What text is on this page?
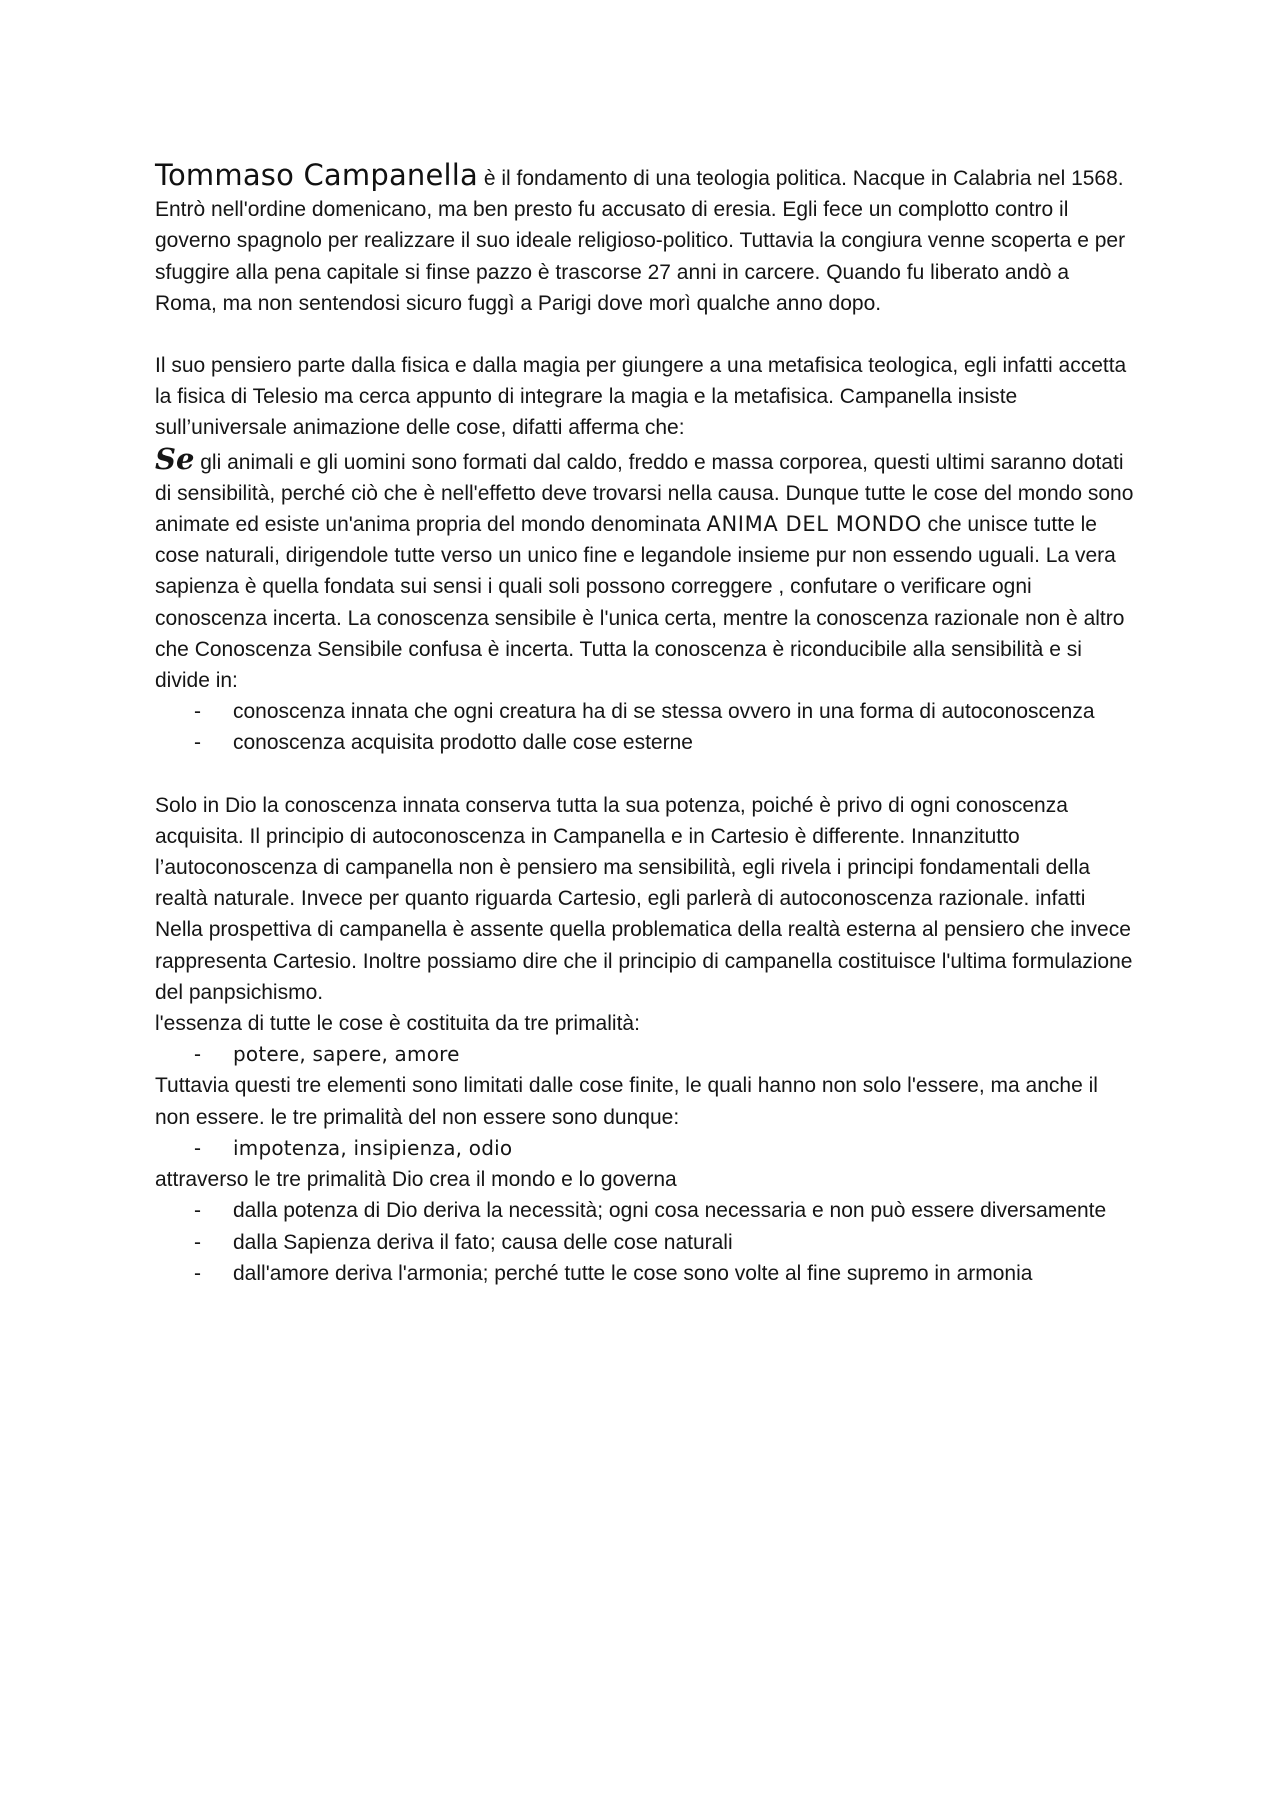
Tommaso Campanella è il fondamento di una teologia politica. Nacque in Calabria nel 1568. Entrò nell'ordine domenicano, ma ben presto fu accusato di eresia. Egli fece un complotto contro il governo spagnolo per realizzare il suo ideale religioso-politico. Tuttavia la congiura venne scoperta e per sfuggire alla pena capitale si finse pazzo è trascorse 27 anni in carcere. Quando fu liberato andò a Roma, ma non sentendosi sicuro fuggì a Parigi dove morì qualche anno dopo.

Il suo pensiero parte dalla fisica e dalla magia per giungere a una metafisica teologica, egli infatti accetta la fisica di Telesio ma cerca appunto di integrare la magia e la metafisica. Campanella insiste sull’universale animazione delle cose, difatti afferma che:

Se gli animali e gli uomini sono formati dal caldo, freddo e massa corporea, questi ultimi saranno dotati di sensibilità, perché ciò che è nell'effetto deve trovarsi nella causa. Dunque tutte le cose del mondo sono animate ed esiste un'anima propria del mondo denominata ANIMA DEL MONDO che unisce tutte le cose naturali, dirigendole tutte verso un unico fine e legandole insieme pur non essendo uguali. La vera sapienza è quella fondata sui sensi i quali soli possono correggere , confutare o verificare ogni conoscenza incerta. La conoscenza sensibile è l'unica certa, mentre la conoscenza razionale non è altro che Conoscenza Sensibile confusa è incerta. Tutta la conoscenza è riconducibile alla sensibilità e si divide in:

-	conoscenza innata che ogni creatura ha di se stessa ovvero in una forma di autoconoscenza
-	conoscenza acquisita prodotto dalle cose esterne

Solo in Dio la conoscenza innata conserva tutta la sua potenza, poiché è privo di ogni conoscenza acquisita. Il principio di autoconoscenza in Campanella e in Cartesio è differente. Innanzitutto l’autoconoscenza di campanella non è pensiero ma sensibilità, egli rivela i principi fondamentali della realtà naturale. Invece per quanto riguarda Cartesio, egli parlerà di autoconoscenza razionale. infatti Nella prospettiva di campanella è assente quella problematica della realtà esterna al pensiero che invece rappresenta Cartesio. Inoltre possiamo dire che il principio di campanella costituisce l'ultima formulazione del panpsichismo.

l'essenza di tutte le cose è costituita da tre primalità:

-	potere, sapere, amore

Tuttavia questi tre elementi sono limitati dalle cose finite, le quali hanno non solo l'essere, ma anche il non essere. le tre primalità del non essere sono dunque:

-	impotenza, insipienza, odio

attraverso le tre primalità Dio crea il mondo e lo governa

-	dalla potenza di Dio deriva la necessità; ogni cosa necessaria e non può essere diversamente
-	dalla Sapienza deriva il fato; causa delle cose naturali
-	dall'amore deriva l'armonia; perché tutte le cose sono volte al fine supremo in armonia
